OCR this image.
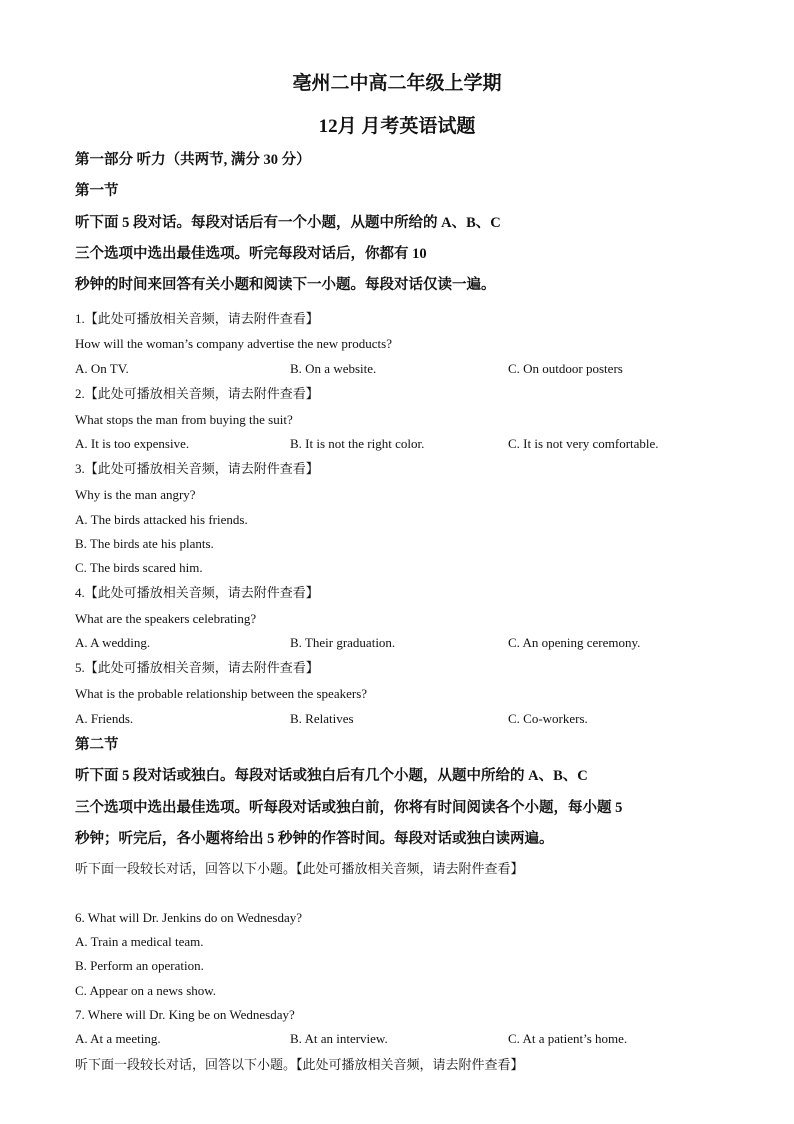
亳州二中高二年级上学期
12月 月考英语试题
第一部分 听力（共两节, 满分 30 分）
第一节
听下面 5 段对话。每段对话后有一个小题，从题中所给的 A、B、C
三个选项中选出最佳选项。听完每段对话后，你都有 10
秒钟的时间来回答有关小题和阅读下一小题。每段对话仅读一遍。
1.【此处可播放相关音频，请去附件查看】
How will the woman’s company advertise the new products?
A. On TV.	B. On a website.	C. On outdoor posters
2.【此处可播放相关音频，请去附件查看】
What stops the man from buying the suit?
A. It is too expensive.	B. It is not the right color.	C. It is not very comfortable.
3.【此处可播放相关音频，请去附件查看】
Why is the man angry?
A. The birds attacked his friends.
B. The birds ate his plants.
C. The birds scared him.
4.【此处可播放相关音频，请去附件查看】
What are the speakers celebrating?
A. A wedding.	B. Their graduation.	C. An opening ceremony.
5.【此处可播放相关音频，请去附件查看】
What is the probable relationship between the speakers?
A. Friends.	B. Relatives	C. Co-workers.
第二节
听下面 5 段对话或独白。每段对话或独白后有几个小题，从题中所给的 A、B、C
三个选项中选出最佳选项。听每段对话或独白前，你将有时间阅读各个小题，每小题 5
秒钟；听完后，各小题将给出 5 秒钟的作答时间。每段对话或独白读两遍。
听下面一段较长对话，回答以下小题。【此处可播放相关音频，请去附件查看】
6. What will Dr. Jenkins do on Wednesday?
A. Train a medical team.
B. Perform an operation.
C. Appear on a news show.
7. Where will Dr. King be on Wednesday?
A. At a meeting.	B. At an interview.	C. At a patient’s home.
听下面一段较长对话，回答以下小题。【此处可播放相关音频，请去附件查看】
